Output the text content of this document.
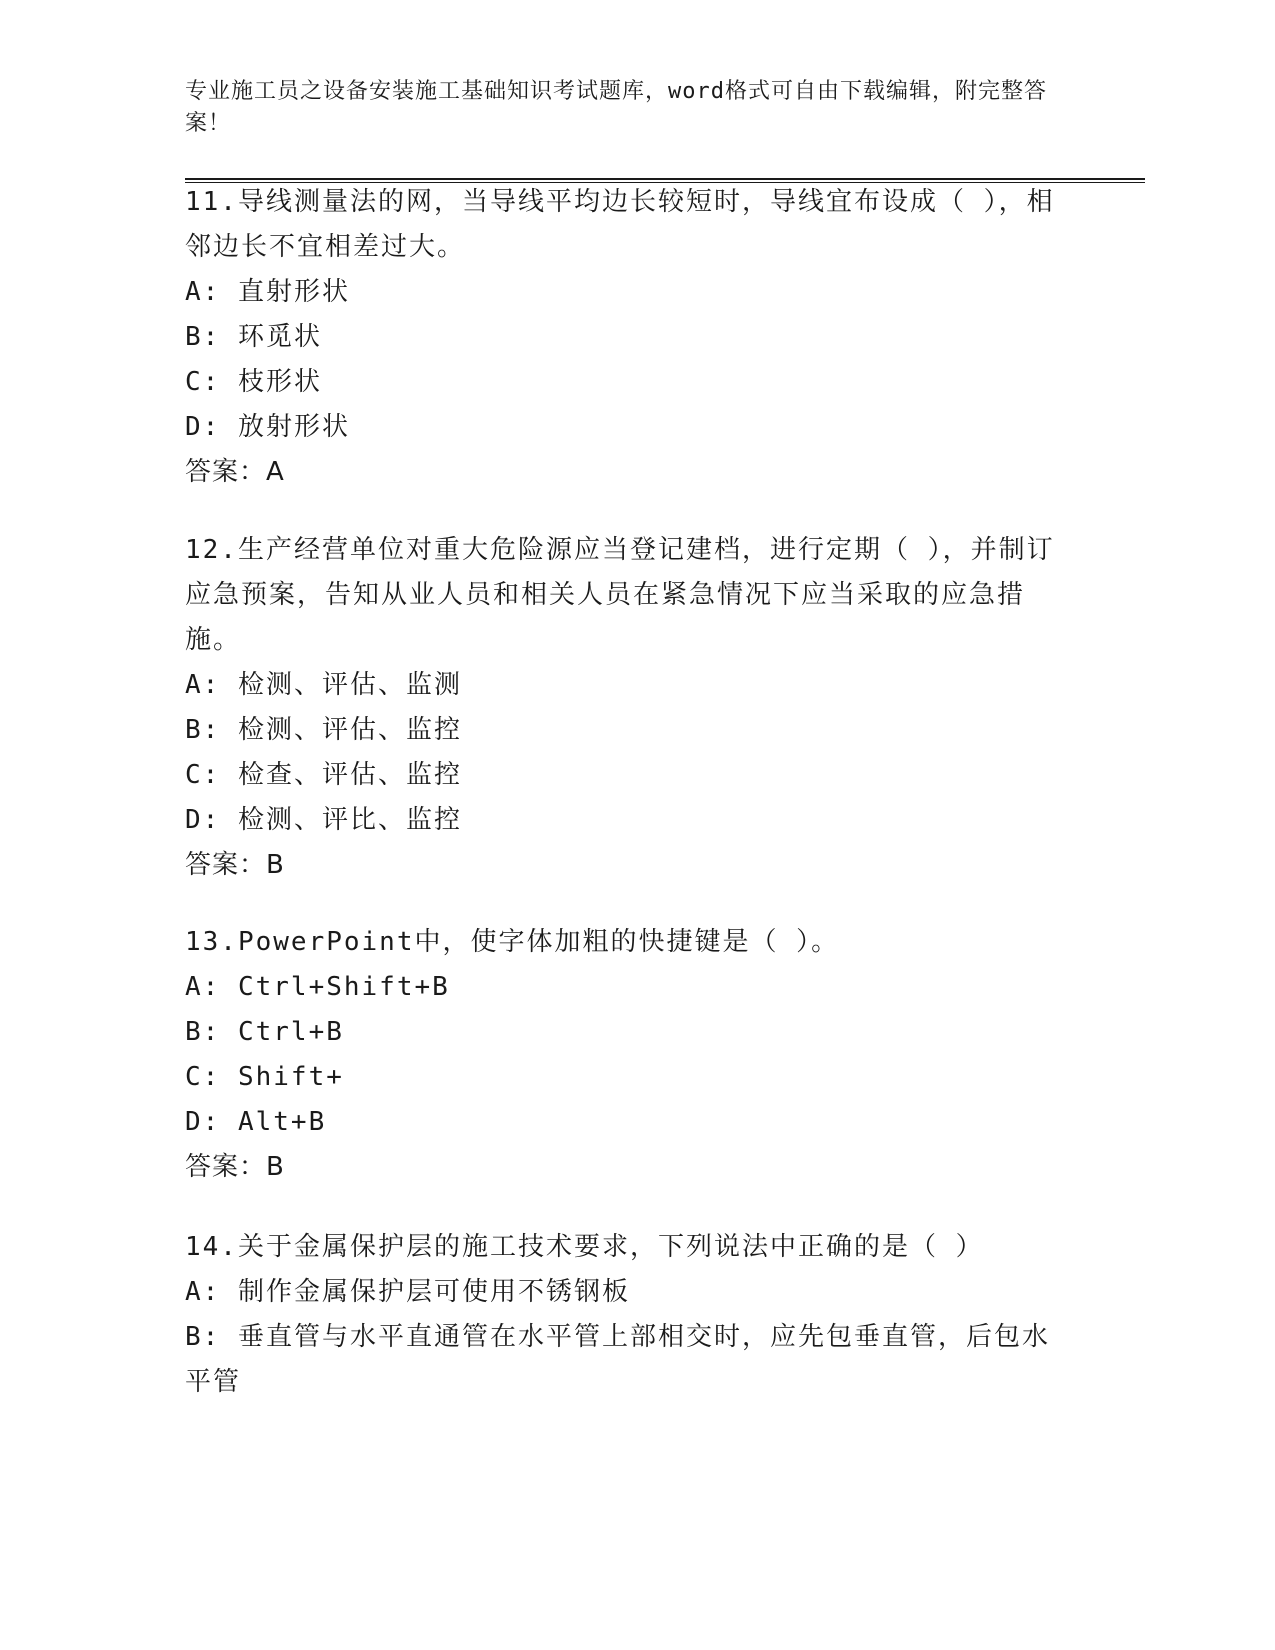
专业施工员之设备安装施工基础知识考试题库，word格式可自由下载编辑，附完整答案！

11.导线测量法的网，当导线平均边长较短时，导线宜布设成（ ），相邻边长不宜相差过大。

A: 直射形状

B: 环觅状

C: 枝形状

D: 放射形状

答案：A

12.生产经营单位对重大危险源应当登记建档，进行定期（ ），并制订应急预案，告知从业人员和相关人员在紧急情况下应当采取的应急措施。

A: 检测、评估、监测

B: 检测、评估、监控

C: 检查、评估、监控

D: 检测、评比、监控

答案：B

13.PowerPoint中，使字体加粗的快捷键是（ ）。

A: Ctrl+Shift+B

B: Ctrl+B

C: Shift+

D: Alt+B

答案：B

14.关于金属保护层的施工技术要求，下列说法中正确的是（ ）

A: 制作金属保护层可使用不锈钢板

B: 垂直管与水平直通管在水平管上部相交时，应先包垂直管，后包水平管
